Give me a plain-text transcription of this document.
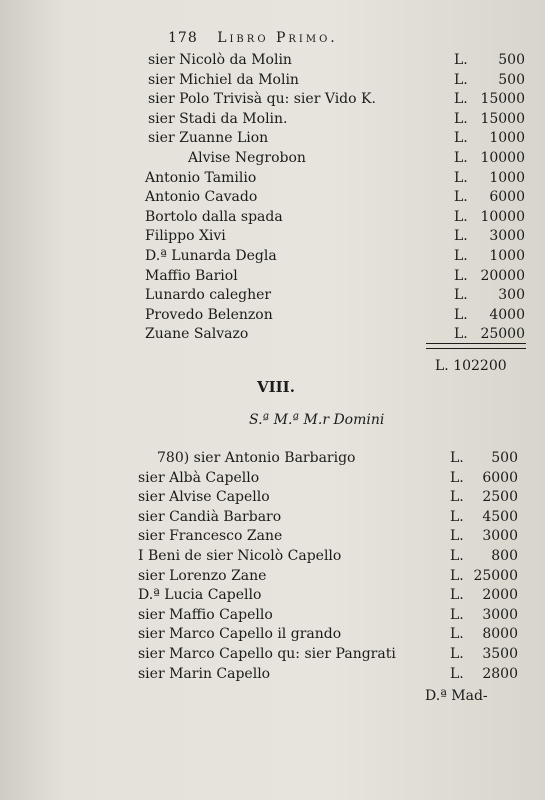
178 Libro Primo.
sier Nicolò da Molin	L.	500
sier Michiel da Molin	L.	500
sier Polo Trivisà qu: sier Vido K.	L. 15000
sier Stadi da Molin.	L. 15000
sier Zuanne Lion	L.	1000
Alvise Negrobon	L. 10000
Antonio Tamilio	L.	1000
Antonio Cavado	L.	6000
Bortolo dalla spada	L. 10000
Filippo Xivi	L.	3000
D.ª Lunarda Degla	L.	1000
Maffio Bariol	L. 20000
Lunardo calegher	L.	300
Provedo Belenzon	L.	4000
Zuane Salvazo	L. 25000
L. 102200
VIII.
S.ª M.ª M.r Domini
780) sier Antonio Barbarigo	L.	500
sier Albà Capello	L.	6000
sier Alvise Capello	L.	2500
sier Candià Barbaro	L.	4500
sier Francesco Zane	L.	3000
I Beni de sier Nicolò Capello	L.	800
sier Lorenzo Zane	L. 25000
D.ª Lucia Capello	L.	2000
sier Maffio Capello	L.	3000
sier Marco Capello il grando	L.	8000
sier Marco Capello qu: sier Pangrati	L.	3500
sier Marin Capello	L.	2800
D.ª Mad-
